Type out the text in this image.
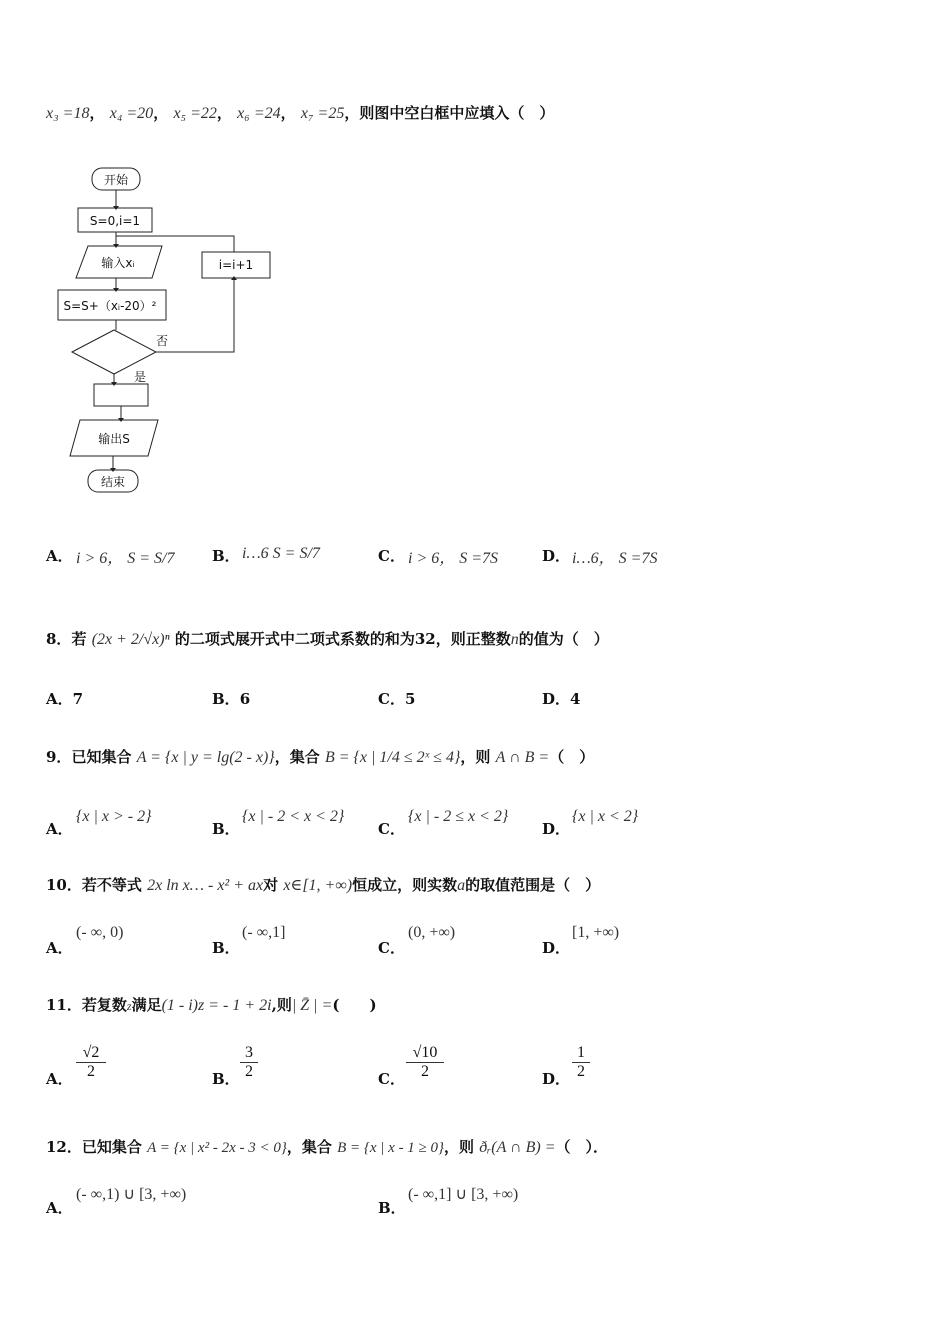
x₃ =18， x₄ =20， x₅ =22， x₆ =24， x₇ =25，则图中空白框中应填入（　）
开始
S=0,i=1
输入xᵢ
S=S+（xᵢ-20）²
i=i+1
否
是
输出S
结束
A． i > 6， S = S/7	B． i…6 S = S/7	C． i > 6， S =7S	D． i…6， S =7S
8．若 (2x + 2/√x)ⁿ 的二项式展开式中二项式系数的和为32，则正整数n的值为（　）
A．7	B．6	C．5	D．4
9．已知集合 A = {x | y = lg(2 - x)}，集合 B = {x | 1/4 ≤ 2ˣ ≤ 4}，则 A ∩ B =（　）
A．
{x | x > - 2}
B．
{x | - 2 < x < 2}
C．
{x | - 2 ≤ x < 2}
D．
{x | x < 2}
10．若不等式 2x ln x… - x² + ax对 x∈[1, +∞)恒成立，则实数a的取值范围是（　）
A．
(- ∞, 0)
B．
(- ∞,1]
C．
(0, +∞)
D．
[1, +∞)
11．若复数z满足(1 - i)z = - 1 + 2i,则| Z̄ | =(　　)
A．
√2
2	B．
3
2	C．
√10
2	D．
1
2
12．已知集合 A = {x | x² - 2x - 3 < 0}，集合 B = {x | x - 1 ≥ 0}，则 ðᵣ(A ∩ B) =（　）．
A．
(- ∞,1) ∪ [3, +∞)
B．
(- ∞,1] ∪ [3, +∞)
